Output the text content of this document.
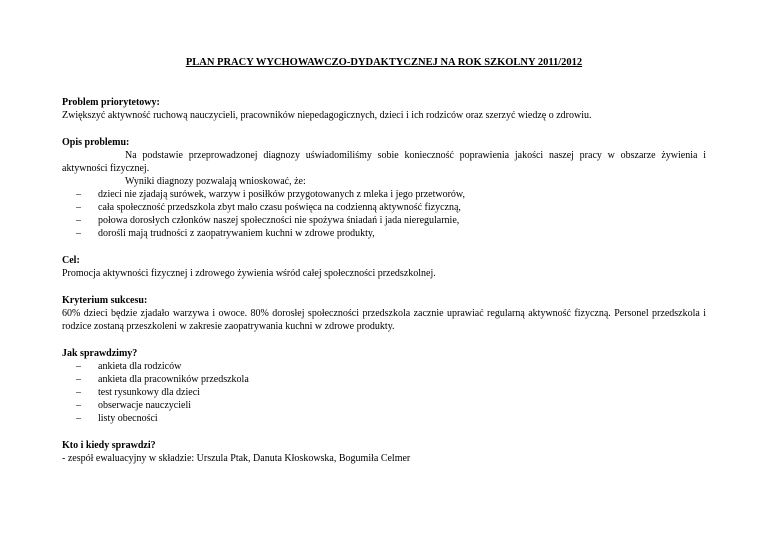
PLAN PRACY WYCHOWAWCZO-DYDAKTYCZNEJ NA ROK SZKOLNY 2011/2012

Problem priorytetowy:

Zwiększyć aktywność ruchową nauczycieli, pracowników niepedagogicznych, dzieci i ich rodziców oraz szerzyć wiedzę o zdrowiu.

Opis problemu:

Na podstawie przeprowadzonej diagnozy uświadomiliśmy sobie konieczność poprawienia jakości naszej pracy w obszarze żywienia i aktywności fizycznej.

Wyniki diagnozy pozwalają wnioskować, że:

– dzieci nie zjadają surówek, warzyw i posiłków przygotowanych z mleka i jego przetworów,
– cała społeczność przedszkola zbyt mało czasu poświęca na codzienną aktywność fizyczną,
– połowa dorosłych członków naszej społeczności nie spożywa śniadań i jada nieregularnie,
– dorośli mają trudności z zaopatrywaniem kuchni w zdrowe produkty,

Cel:

Promocja aktywności fizycznej i zdrowego żywienia wśród całej społeczności przedszkolnej.

Kryterium sukcesu:

60% dzieci będzie zjadało warzywa i owoce. 80% dorosłej społeczności przedszkola zacznie uprawiać regularną aktywność fizyczną. Personel przedszkola i rodzice zostaną przeszkoleni w zakresie zaopatrywania kuchni w zdrowe produkty.

Jak sprawdzimy?

– ankieta dla rodziców
– ankieta dla pracowników przedszkola
– test rysunkowy dla dzieci
– obserwacje nauczycieli
– listy obecności

Kto i kiedy sprawdzi?

- zespół ewaluacyjny w składzie: Urszula Ptak, Danuta Kłoskowska, Bogumiła Celmer
